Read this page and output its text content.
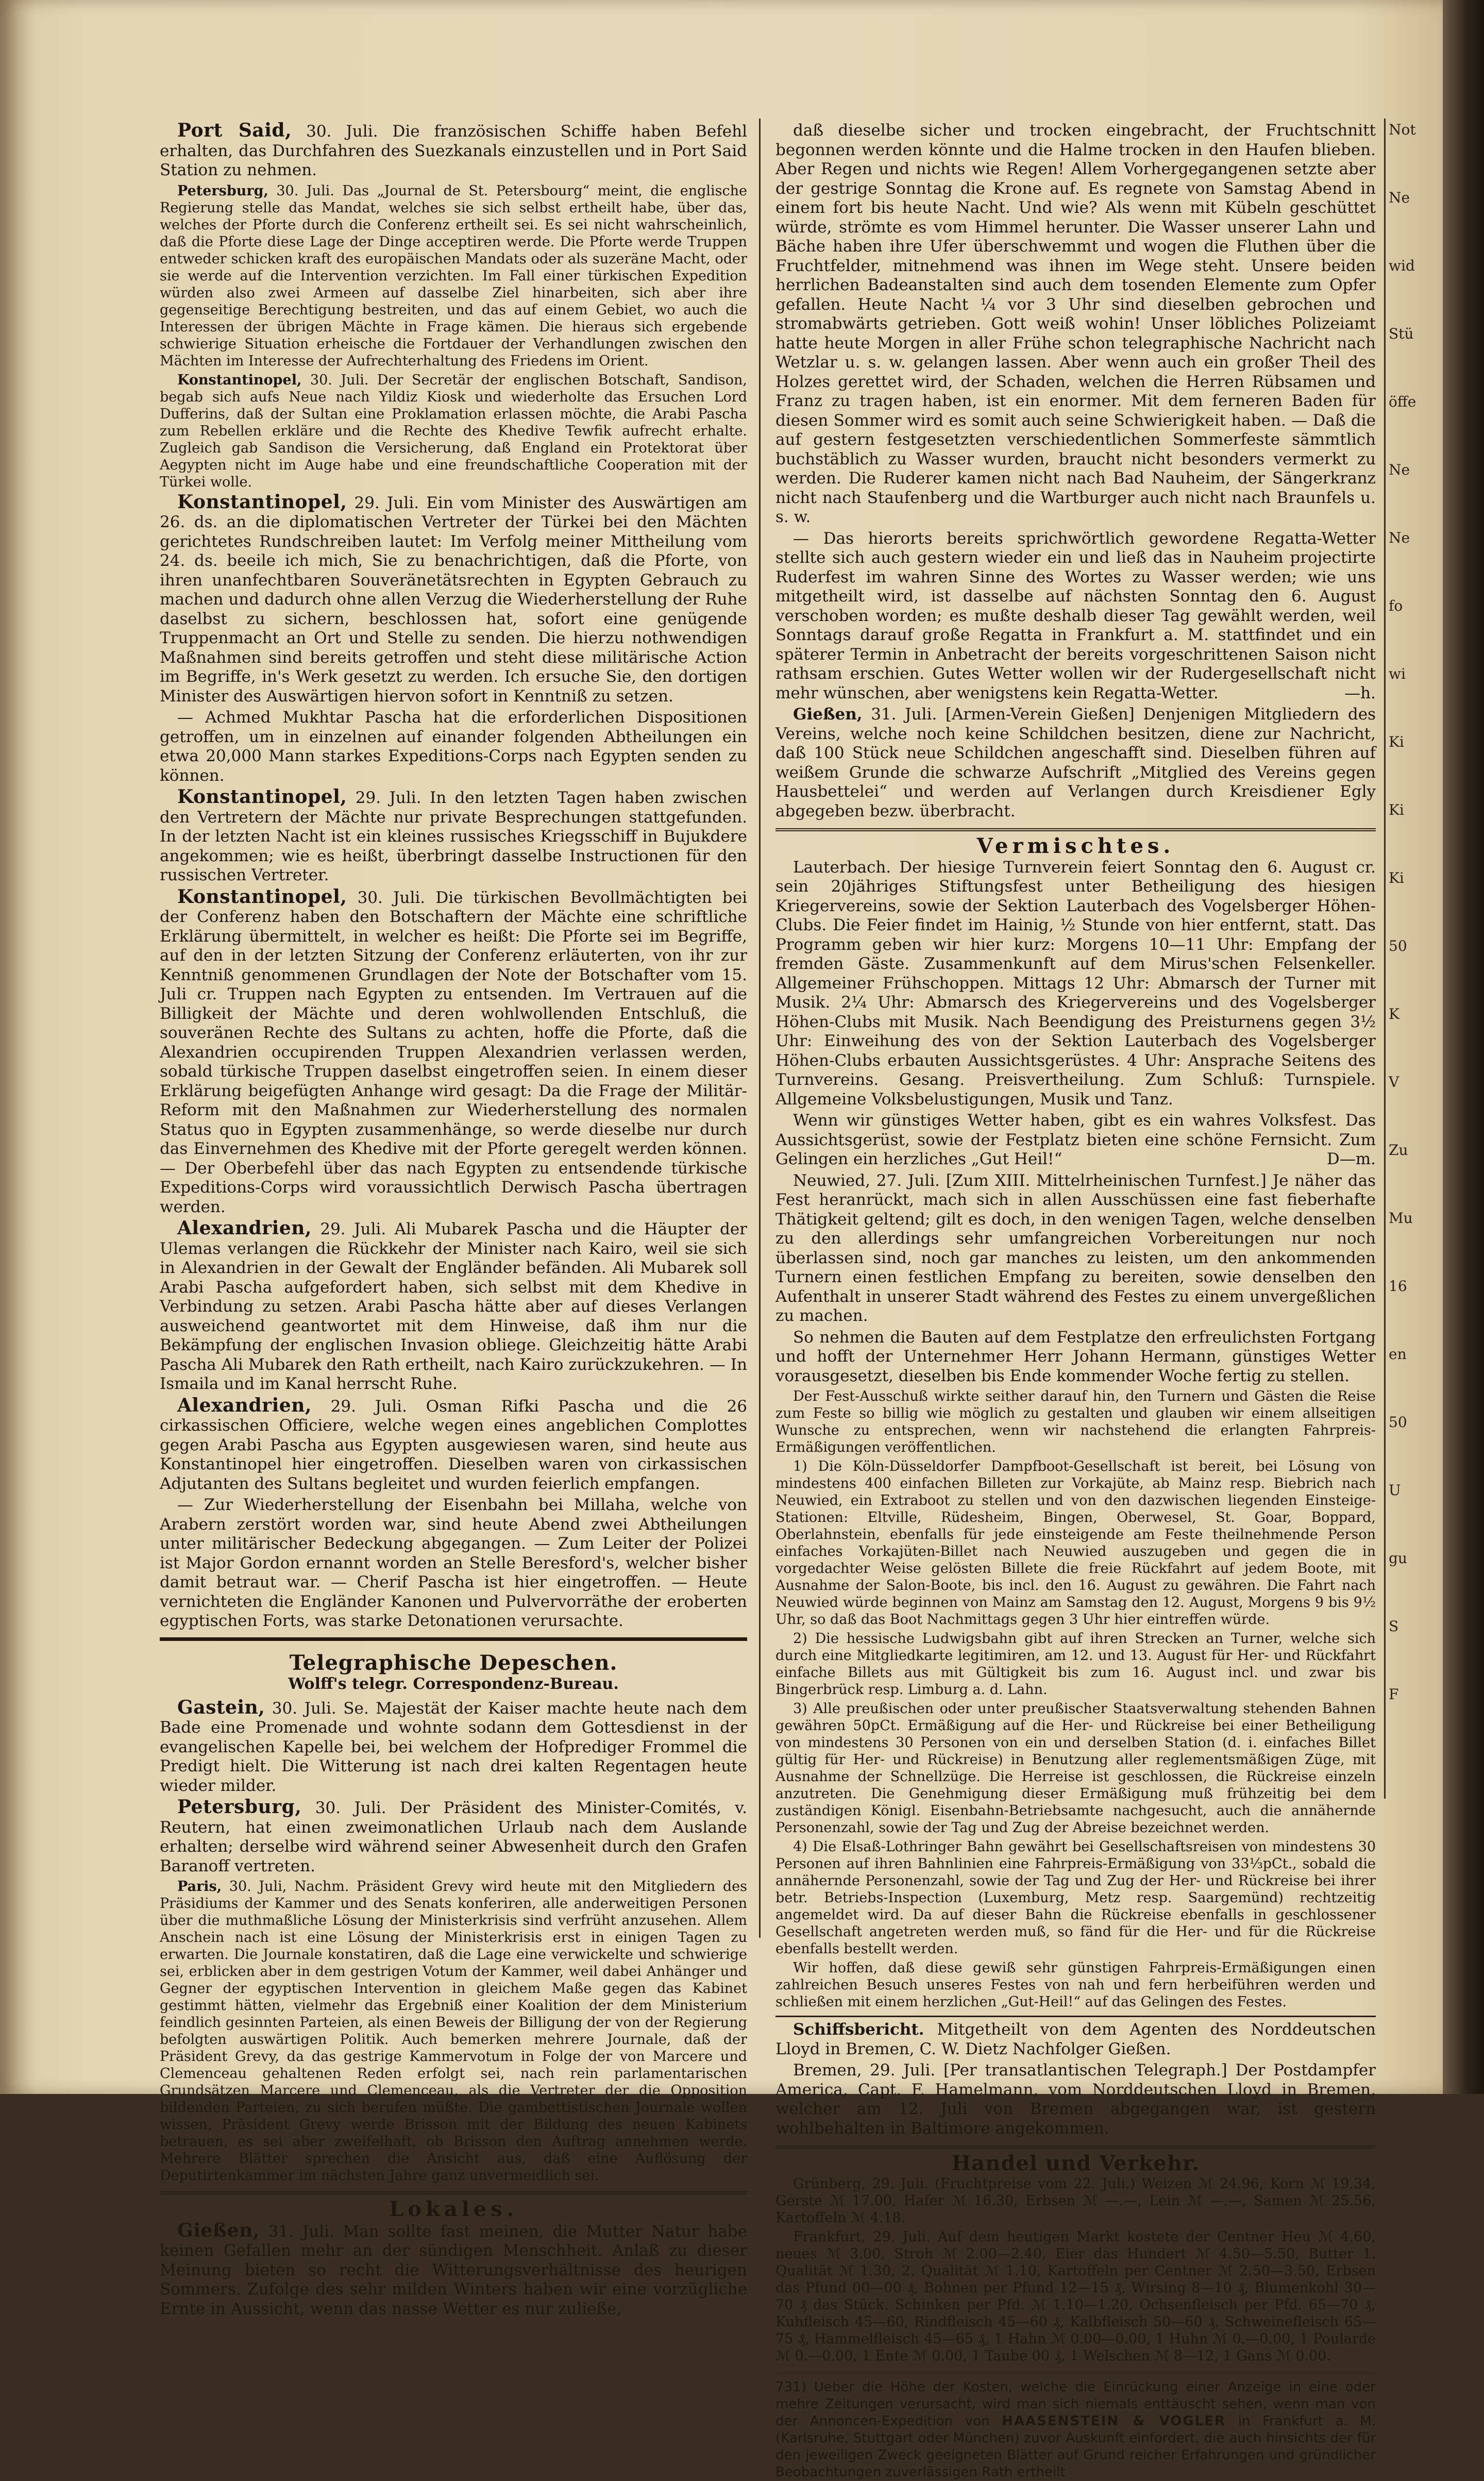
Port Said, 30. Juli. Die französischen Schiffe haben Befehl erhalten, das Durchfahren des Suezkanals einzustellen und in Port Said Station zu nehmen.

Petersburg, 30. Juli. Das „Journal de St. Petersbourg“ meint, die englische Regierung stelle das Mandat, welches sie sich selbst ertheilt habe, über das, welches der Pforte durch die Conferenz ertheilt sei. Es sei nicht wahrscheinlich, daß die Pforte diese Lage der Dinge acceptiren werde. Die Pforte werde Truppen entweder schicken kraft des europäischen Mandats oder als suzeräne Macht, oder sie werde auf die Intervention verzichten. Im Fall einer türkischen Expedition würden also zwei Armeen auf dasselbe Ziel hinarbeiten, sich aber ihre gegenseitige Berechtigung bestreiten, und das auf einem Gebiet, wo auch die Interessen der übrigen Mächte in Frage kämen. Die hieraus sich ergebende schwierige Situation erheische die Fortdauer der Verhandlungen zwischen den Mächten im Interesse der Aufrechterhaltung des Friedens im Orient.

Konstantinopel, 30. Juli. Der Secretär der englischen Botschaft, Sandison, begab sich aufs Neue nach Yildiz Kiosk und wiederholte das Ersuchen Lord Dufferins, daß der Sultan eine Proklamation erlassen möchte, die Arabi Pascha zum Rebellen erkläre und die Rechte des Khedive Tewfik aufrecht erhalte. Zugleich gab Sandison die Versicherung, daß England ein Protektorat über Aegypten nicht im Auge habe und eine freundschaftliche Cooperation mit der Türkei wolle.

Konstantinopel, 29. Juli. Ein vom Minister des Auswärtigen am 26. ds. an die diplomatischen Vertreter der Türkei bei den Mächten gerichtetes Rundschreiben lautet: Im Verfolg meiner Mittheilung vom 24. ds. beeile ich mich, Sie zu benachrichtigen, daß die Pforte, von ihren unanfechtbaren Souveränetätsrechten in Egypten Gebrauch zu machen und dadurch ohne allen Verzug die Wiederherstellung der Ruhe daselbst zu sichern, beschlossen hat, sofort eine genügende Truppenmacht an Ort und Stelle zu senden. Die hierzu nothwendigen Maßnahmen sind bereits getroffen und steht diese militärische Action im Begriffe, in's Werk gesetzt zu werden. Ich ersuche Sie, den dortigen Minister des Auswärtigen hiervon sofort in Kenntniß zu setzen.

— Achmed Mukhtar Pascha hat die erforderlichen Dispositionen getroffen, um in einzelnen auf einander folgenden Abtheilungen ein etwa 20,000 Mann starkes Expeditions-Corps nach Egypten senden zu können.

Konstantinopel, 29. Juli. In den letzten Tagen haben zwischen den Vertretern der Mächte nur private Besprechungen stattgefunden. In der letzten Nacht ist ein kleines russisches Kriegsschiff in Bujukdere angekommen; wie es heißt, überbringt dasselbe Instructionen für den russischen Vertreter.

Konstantinopel, 30. Juli. Die türkischen Bevollmächtigten bei der Conferenz haben den Botschaftern der Mächte eine schriftliche Erklärung übermittelt, in welcher es heißt: Die Pforte sei im Begriffe, auf den in der letzten Sitzung der Conferenz erläuterten, von ihr zur Kenntniß genommenen Grundlagen der Note der Botschafter vom 15. Juli cr. Truppen nach Egypten zu entsenden. Im Vertrauen auf die Billigkeit der Mächte und deren wohlwollenden Entschluß, die souveränen Rechte des Sultans zu achten, hoffe die Pforte, daß die Alexandrien occupirenden Truppen Alexandrien verlassen werden, sobald türkische Truppen daselbst eingetroffen seien. In einem dieser Erklärung beigefügten Anhange wird gesagt: Da die Frage der Militär-Reform mit den Maßnahmen zur Wiederherstellung des normalen Status quo in Egypten zusammenhänge, so werde dieselbe nur durch das Einvernehmen des Khedive mit der Pforte geregelt werden können. — Der Oberbefehl über das nach Egypten zu entsendende türkische Expeditions-Corps wird voraussichtlich Derwisch Pascha übertragen werden.

Alexandrien, 29. Juli. Ali Mubarek Pascha und die Häupter der Ulemas verlangen die Rückkehr der Minister nach Kairo, weil sie sich in Alexandrien in der Gewalt der Engländer befänden. Ali Mubarek soll Arabi Pascha aufgefordert haben, sich selbst mit dem Khedive in Verbindung zu setzen. Arabi Pascha hätte aber auf dieses Verlangen ausweichend geantwortet mit dem Hinweise, daß ihm nur die Bekämpfung der englischen Invasion obliege. Gleichzeitig hätte Arabi Pascha Ali Mubarek den Rath ertheilt, nach Kairo zurückzukehren. — In Ismaila und im Kanal herrscht Ruhe.

Alexandrien, 29. Juli. Osman Rifki Pascha und die 26 cirkassischen Officiere, welche wegen eines angeblichen Complottes gegen Arabi Pascha aus Egypten ausgewiesen waren, sind heute aus Konstantinopel hier eingetroffen. Dieselben waren von cirkassischen Adjutanten des Sultans begleitet und wurden feierlich empfangen.

— Zur Wiederherstellung der Eisenbahn bei Millaha, welche von Arabern zerstört worden war, sind heute Abend zwei Abtheilungen unter militärischer Bedeckung abgegangen. — Zum Leiter der Polizei ist Major Gordon ernannt worden an Stelle Beresford's, welcher bisher damit betraut war. — Cherif Pascha ist hier eingetroffen. — Heute vernichteten die Engländer Kanonen und Pulvervorräthe der eroberten egyptischen Forts, was starke Detonationen verursachte.

Telegraphische Depeschen.
Wolff's telegr. Correspondenz-Bureau.

Gastein, 30. Juli. Se. Majestät der Kaiser machte heute nach dem Bade eine Promenade und wohnte sodann dem Gottesdienst in der evangelischen Kapelle bei, bei welchem der Hofprediger Frommel die Predigt hielt. Die Witterung ist nach drei kalten Regentagen heute wieder milder.

Petersburg, 30. Juli. Der Präsident des Minister-Comités, v. Reutern, hat einen zweimonatlichen Urlaub nach dem Auslande erhalten; derselbe wird während seiner Abwesenheit durch den Grafen Baranoff vertreten.

Paris, 30. Juli, Nachm. Präsident Grevy wird heute mit den Mitgliedern des Präsidiums der Kammer und des Senats konferiren, alle anderweitigen Personen über die muthmaßliche Lösung der Ministerkrisis sind verfrüht anzusehen. Allem Anschein nach ist eine Lösung der Ministerkrisis erst in einigen Tagen zu erwarten. Die Journale konstatiren, daß die Lage eine verwickelte und schwierige sei, erblicken aber in dem gestrigen Votum der Kammer, weil dabei Anhänger und Gegner der egyptischen Intervention in gleichem Maße gegen das Kabinet gestimmt hätten, vielmehr das Ergebniß einer Koalition der dem Ministerium feindlich gesinnten Parteien, als einen Beweis der Billigung der von der Regierung befolgten auswärtigen Politik. Auch bemerken mehrere Journale, daß der Präsident Grevy, da das gestrige Kammervotum in Folge der von Marcere und Clemenceau gehaltenen Reden erfolgt sei, nach rein parlamentarischen Grundsätzen Marcere und Clemenceau, als die Vertreter der die Opposition bildenden Parteien, zu sich berufen müßte. Die gambettistischen Journale wollen wissen, Präsident Grevy werde Brisson mit der Bildung des neuen Kabinets betrauen, es sei aber zweifelhaft, ob Brisson den Auftrag annehmen werde. Mehrere Blätter sprechen die Ansicht aus, daß eine Auflösung der Deputirtenkammer im nächsten Jahre ganz unvermeidlich sei.

Lokales.

Gießen, 31. Juli. Man sollte fast meinen, die Mutter Natur habe keinen Gefallen mehr an der sündigen Menschheit. Anlaß zu dieser Meinung bieten so recht die Witterungsverhältnisse des heurigen Sommers. Zufolge des sehr milden Winters haben wir eine vorzügliche Ernte in Aussicht, wenn das nasse Wetter es nur zuließe,

daß dieselbe sicher und trocken eingebracht, der Fruchtschnitt begonnen werden könnte und die Halme trocken in den Haufen blieben. Aber Regen und nichts wie Regen! Allem Vorhergegangenen setzte aber der gestrige Sonntag die Krone auf. Es regnete von Samstag Abend in einem fort bis heute Nacht. Und wie? Als wenn mit Kübeln geschüttet würde, strömte es vom Himmel herunter. Die Wasser unserer Lahn und Bäche haben ihre Ufer überschwemmt und wogen die Fluthen über die Fruchtfelder, mitnehmend was ihnen im Wege steht. Unsere beiden herrlichen Badeanstalten sind auch dem tosenden Elemente zum Opfer gefallen. Heute Nacht ¼ vor 3 Uhr sind dieselben gebrochen und stromabwärts getrieben. Gott weiß wohin! Unser löbliches Polizeiamt hatte heute Morgen in aller Frühe schon telegraphische Nachricht nach Wetzlar u. s. w. gelangen lassen. Aber wenn auch ein großer Theil des Holzes gerettet wird, der Schaden, welchen die Herren Rübsamen und Franz zu tragen haben, ist ein enormer. Mit dem ferneren Baden für diesen Sommer wird es somit auch seine Schwierigkeit haben. — Daß die auf gestern festgesetzten verschiedentlichen Sommerfeste sämmtlich buchstäblich zu Wasser wurden, braucht nicht besonders vermerkt zu werden. Die Ruderer kamen nicht nach Bad Nauheim, der Sängerkranz nicht nach Staufenberg und die Wartburger auch nicht nach Braunfels u. s. w.

— Das hierorts bereits sprichwörtlich gewordene Regatta-Wetter stellte sich auch gestern wieder ein und ließ das in Nauheim projectirte Ruderfest im wahren Sinne des Wortes zu Wasser werden; wie uns mitgetheilt wird, ist dasselbe auf nächsten Sonntag den 6. August verschoben worden; es mußte deshalb dieser Tag gewählt werden, weil Sonntags darauf große Regatta in Frankfurt a. M. stattfindet und ein späterer Termin in Anbetracht der bereits vorgeschrittenen Saison nicht rathsam erschien. Gutes Wetter wollen wir der Rudergesellschaft nicht mehr wünschen, aber wenigstens kein Regatta-Wetter.	—h.

Gießen, 31. Juli. [Armen-Verein Gießen] Denjenigen Mitgliedern des Vereins, welche noch keine Schildchen besitzen, diene zur Nachricht, daß 100 Stück neue Schildchen angeschafft sind. Dieselben führen auf weißem Grunde die schwarze Aufschrift „Mitglied des Vereins gegen Hausbettelei“ und werden auf Verlangen durch Kreisdiener Egly abgegeben bezw. überbracht.

Vermischtes.

Lauterbach. Der hiesige Turnverein feiert Sonntag den 6. August cr. sein 20jähriges Stiftungsfest unter Betheiligung des hiesigen Kriegervereins, sowie der Sektion Lauterbach des Vogelsberger Höhen-Clubs. Die Feier findet im Hainig, ½ Stunde von hier entfernt, statt. Das Programm geben wir hier kurz: Morgens 10—11 Uhr: Empfang der fremden Gäste. Zusammenkunft auf dem Mirus'schen Felsenkeller. Allgemeiner Frühschoppen. Mittags 12 Uhr: Abmarsch der Turner mit Musik. 2¼ Uhr: Abmarsch des Kriegervereins und des Vogelsberger Höhen-Clubs mit Musik. Nach Beendigung des Preisturnens gegen 3½ Uhr: Einweihung des von der Sektion Lauterbach des Vogelsberger Höhen-Clubs erbauten Aussichtsgerüstes. 4 Uhr: Ansprache Seitens des Turnvereins. Gesang. Preisvertheilung. Zum Schluß: Turnspiele. Allgemeine Volksbelustigungen, Musik und Tanz.

Wenn wir günstiges Wetter haben, gibt es ein wahres Volksfest. Das Aussichtsgerüst, sowie der Festplatz bieten eine schöne Fernsicht. Zum Gelingen ein herzliches „Gut Heil!“	D—m.

Neuwied, 27. Juli. [Zum XIII. Mittelrheinischen Turnfest.] Je näher das Fest heranrückt, mach sich in allen Ausschüssen eine fast fieberhafte Thätigkeit geltend; gilt es doch, in den wenigen Tagen, welche denselben zu den allerdings sehr umfangreichen Vorbereitungen nur noch überlassen sind, noch gar manches zu leisten, um den ankommenden Turnern einen festlichen Empfang zu bereiten, sowie denselben den Aufenthalt in unserer Stadt während des Festes zu einem unvergeßlichen zu machen.

So nehmen die Bauten auf dem Festplatze den erfreulichsten Fortgang und hofft der Unternehmer Herr Johann Hermann, günstiges Wetter vorausgesetzt, dieselben bis Ende kommender Woche fertig zu stellen.

Der Fest-Ausschuß wirkte seither darauf hin, den Turnern und Gästen die Reise zum Feste so billig wie möglich zu gestalten und glauben wir einem allseitigen Wunsche zu entsprechen, wenn wir nachstehend die erlangten Fahrpreis-Ermäßigungen veröffentlichen.

1) Die Köln-Düsseldorfer Dampfboot-Gesellschaft ist bereit, bei Lösung von mindestens 400 einfachen Billeten zur Vorkajüte, ab Mainz resp. Biebrich nach Neuwied, ein Extraboot zu stellen und von den dazwischen liegenden Einsteige-Stationen: Eltville, Rüdesheim, Bingen, Oberwesel, St. Goar, Boppard, Oberlahnstein, ebenfalls für jede einsteigende am Feste theilnehmende Person einfaches Vorkajüten-Billet nach Neuwied auszugeben und gegen die in vorgedachter Weise gelösten Billete die freie Rückfahrt auf jedem Boote, mit Ausnahme der Salon-Boote, bis incl. den 16. August zu gewähren. Die Fahrt nach Neuwied würde beginnen von Mainz am Samstag den 12. August, Morgens 9 bis 9½ Uhr, so daß das Boot Nachmittags gegen 3 Uhr hier eintreffen würde.

2) Die hessische Ludwigsbahn gibt auf ihren Strecken an Turner, welche sich durch eine Mitgliedkarte legitimiren, am 12. und 13. August für Her- und Rückfahrt einfache Billets aus mit Gültigkeit bis zum 16. August incl. und zwar bis Bingerbrück resp. Limburg a. d. Lahn.

3) Alle preußischen oder unter preußischer Staatsverwaltung stehenden Bahnen gewähren 50pCt. Ermäßigung auf die Her- und Rückreise bei einer Betheiligung von mindestens 30 Personen von ein und derselben Station (d. i. einfaches Billet gültig für Her- und Rückreise) in Benutzung aller reglementsmäßigen Züge, mit Ausnahme der Schnellzüge. Die Herreise ist geschlossen, die Rückreise einzeln anzutreten. Die Genehmigung dieser Ermäßigung muß frühzeitig bei dem zuständigen Königl. Eisenbahn-Betriebsamte nachgesucht, auch die annähernde Personenzahl, sowie der Tag und Zug der Abreise bezeichnet werden.

4) Die Elsaß-Lothringer Bahn gewährt bei Gesellschaftsreisen von mindestens 30 Personen auf ihren Bahnlinien eine Fahrpreis-Ermäßigung von 33⅓pCt., sobald die annähernde Personenzahl, sowie der Tag und Zug der Her- und Rückreise bei ihrer betr. Betriebs-Inspection (Luxemburg, Metz resp. Saargemünd) rechtzeitig angemeldet wird. Da auf dieser Bahn die Rückreise ebenfalls in geschlossener Gesellschaft angetreten werden muß, so fänd für die Her- und für die Rückreise ebenfalls bestellt werden.

Wir hoffen, daß diese gewiß sehr günstigen Fahrpreis-Ermäßigungen einen zahlreichen Besuch unseres Festes von nah und fern herbeiführen werden und schließen mit einem herzlichen „Gut-Heil!“ auf das Gelingen des Festes.

Schiffsbericht. Mitgetheilt von dem Agenten des Norddeutschen Lloyd in Bremen, C. W. Dietz Nachfolger Gießen.

Bremen, 29. Juli. [Per transatlantischen Telegraph.] Der Postdampfer America, Capt. F. Hamelmann, vom Norddeutschen Lloyd in Bremen, welcher am 12. Juli von Bremen abgegangen war, ist gestern wohlbehalten in Baltimore angekommen.

Handel und Verkehr.

Grünberg, 29. Juli. (Fruchtpreise vom 22. Juli.) Weizen ℳ 24.96, Korn ℳ 19.34, Gerste ℳ 17.00, Hafer ℳ 16.30, Erbsen ℳ —.—, Lein ℳ —.—, Samen ℳ 25.56, Kartoffeln ℳ 4.18.

Frankfurt, 29. Juli. Auf dem heutigen Markt kostete der Centner Heu ℳ 4.60, neues ℳ 3.00, Stroh ℳ 2.00—2.40, Eier das Hundert ℳ 4.50—5.50, Butter 1. Qualität ℳ 1.30, 2. Qualität ℳ 1.10, Kartoffeln per Centner ℳ 2.50—3.50, Erbsen das Pfund 00—00 ₰, Bohnen per Pfund 12—15 ₰, Wirsing 8—10 ₰, Blumenkohl 30—70 ₰ das Stück. Schinken per Pfd. ℳ 1.10—1.20, Ochsenfleisch per Pfd. 65—70 ₰, Kuhfleisch 45—60, Rindfleisch 45—60 ₰, Kalbfleisch 50—60 ₰, Schweinefleisch 65—75 ₰, Hammelfleisch 45—65 ₰, 1 Hahn ℳ 0.00—0.00, 1 Huhn ℳ 0.—0.00, 1 Poularde ℳ 0.—0.00, 1 Ente ℳ 0.00, 1 Taube 00 ₰, 1 Welschen ℳ 8—12, 1 Gans ℳ 0.00.

731) Ueber die Höhe der Kosten, welche die Einrückung einer Anzeige in eine oder mehre Zeitungen verursacht, wird man sich niemals enttäuscht sehen, wenn man von der Annoncen-Expedition von HAASENSTEIN & VOGLER in Frankfurt a. M. (Karlsruhe, Stuttgart oder München) zuvor Auskunft einfordert, die auch hinsichts der für den jeweiligen Zweck geeigneten Blätter auf Grund reicher Erfahrungen und gründlicher Beobachtungen zuverlässigen Rath ertheilt

Not
Ne
wid
Stü
öffe
Ne
Ne
fo
wi
Ki
Ki
Ki
50
K
V
Zu
Mu
16
en
50
U
gu
S
F
